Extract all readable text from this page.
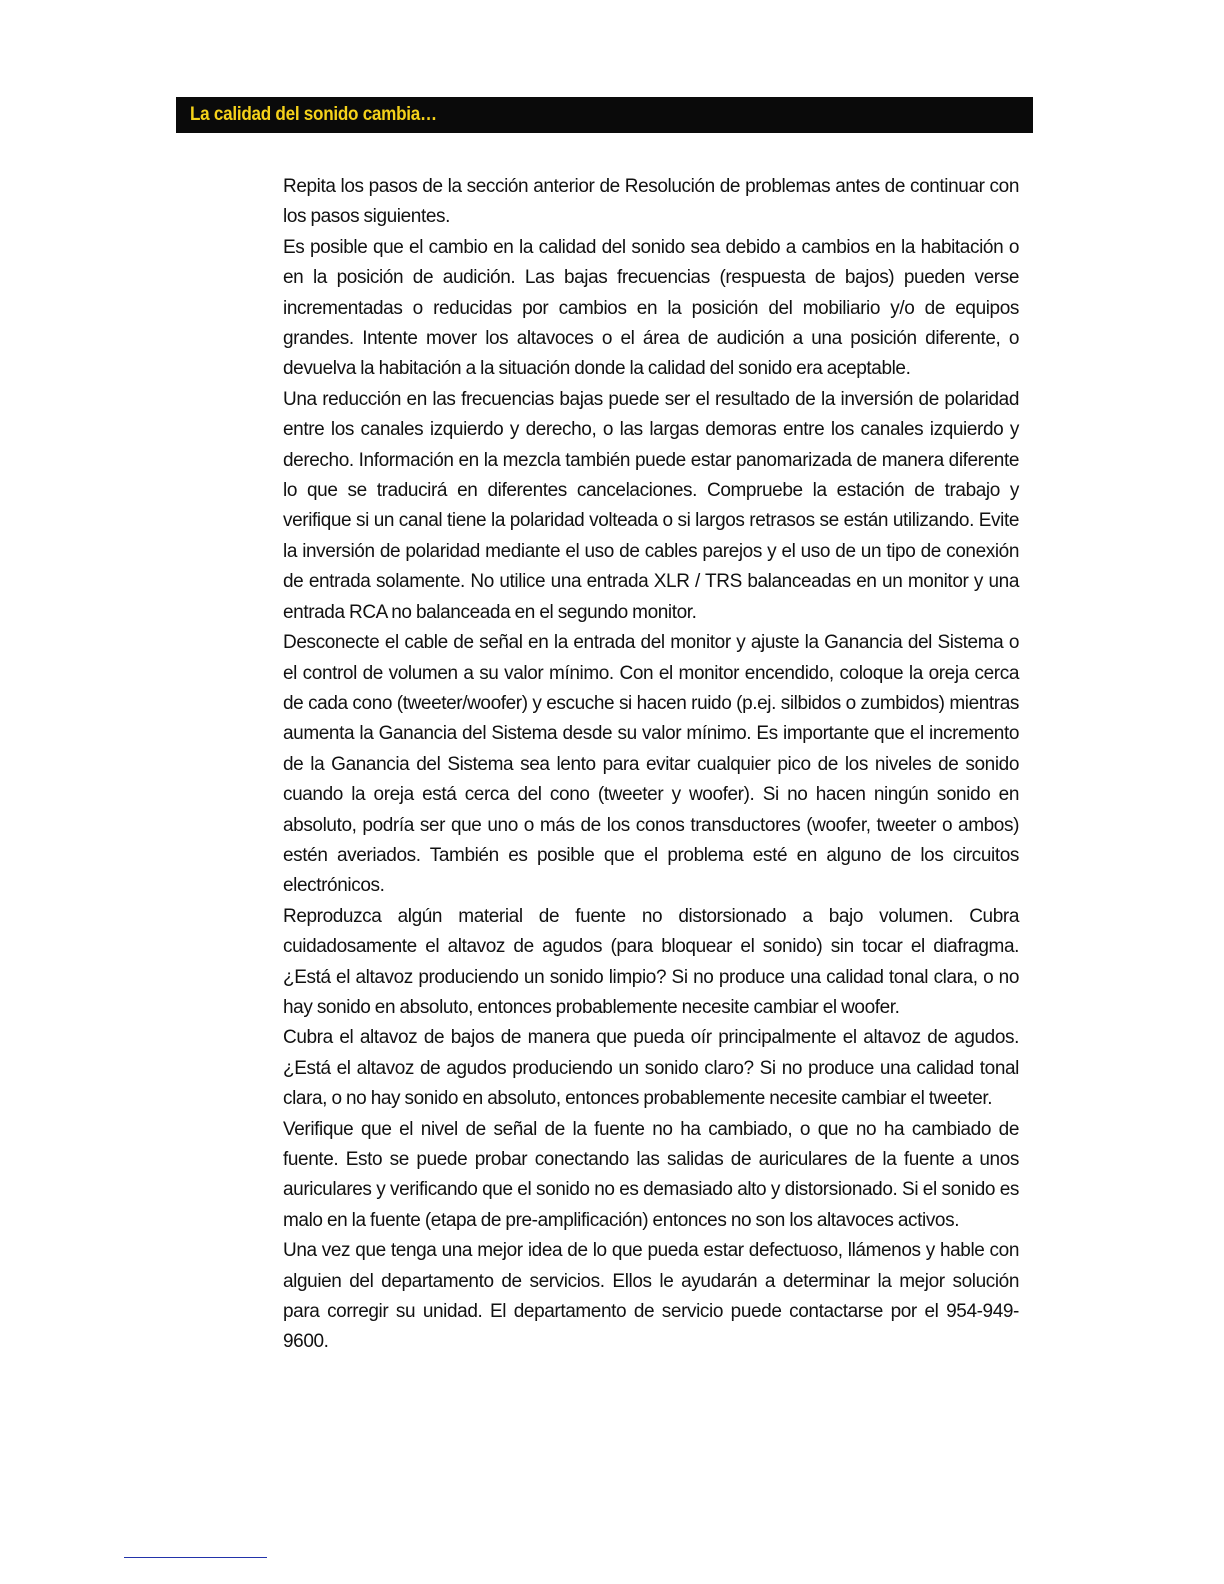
La calidad del sonido cambia…

Repita los pasos de la sección anterior de Resolución de problemas antes de continuar con los pasos siguientes.

Es posible que el cambio en la calidad del sonido sea debido a cambios en la habitación o en la posición de audición. Las bajas frecuencias (respuesta de bajos) pueden verse incrementadas o reducidas por cambios en la posición del mobiliario y/o de equipos grandes. Intente mover los altavoces o el área de audición a una posición diferente, o devuelva la habitación a la situación donde la calidad del sonido era aceptable.

Una reducción en las frecuencias bajas puede ser el resultado de la inversión de polaridad entre los canales izquierdo y derecho, o las largas demoras entre los canales izquierdo y derecho. Información en la mezcla también puede estar panomarizada de manera diferente lo que se traducirá en diferentes cancelaciones. Compruebe la estación de trabajo y verifique si un canal tiene la polaridad volteada o si largos retrasos se están utilizando. Evite la inversión de polaridad mediante el uso de cables parejos y el uso de un tipo de conexión de entrada solamente. No utilice una entrada XLR / TRS balanceadas en un monitor y una entrada RCA no balanceada en el segundo monitor.

Desconecte el cable de señal en la entrada del monitor y ajuste la Ganancia del Sistema o el control de volumen a su valor mínimo. Con el monitor encendido, coloque la oreja cerca de cada cono (tweeter/woofer) y escuche si hacen ruido (p.ej. silbidos o zumbidos) mientras aumenta la Ganancia del Sistema desde su valor mínimo. Es importante que el incremento de la Ganancia del Sistema sea lento para evitar cualquier pico de los niveles de sonido cuando la oreja está cerca del cono (tweeter y woofer). Si no hacen ningún sonido en absoluto, podría ser que uno o más de los conos transductores (woofer, tweeter o ambos) estén averiados. También es posible que el problema esté en alguno de los circuitos electrónicos.

Reproduzca algún material de fuente no distorsionado a bajo volumen. Cubra cuidadosamente el altavoz de agudos (para bloquear el sonido) sin tocar el diafragma. ¿Está el altavoz produciendo un sonido limpio? Si no produce una calidad tonal clara, o no hay sonido en absoluto, entonces probablemente necesite cambiar el woofer.

Cubra el altavoz de bajos de manera que pueda oír principalmente el altavoz de agudos. ¿Está el altavoz de agudos produciendo un sonido claro? Si no produce una calidad tonal clara, o no hay sonido en absoluto, entonces probablemente necesite cambiar el tweeter.

Verifique que el nivel de señal de la fuente no ha cambiado, o que no ha cambiado de fuente. Esto se puede probar conectando las salidas de auriculares de la fuente a unos auriculares y verificando que el sonido no es demasiado alto y distorsionado. Si el sonido es malo en la fuente (etapa de pre-amplificación) entonces no son los altavoces activos.

Una vez que tenga una mejor idea de lo que pueda estar defectuoso, llámenos y hable con alguien del departamento de servicios. Ellos le ayudarán a determinar la mejor solución para corregir su unidad. El departamento de servicio puede contactarse por el 954-949-9600.
